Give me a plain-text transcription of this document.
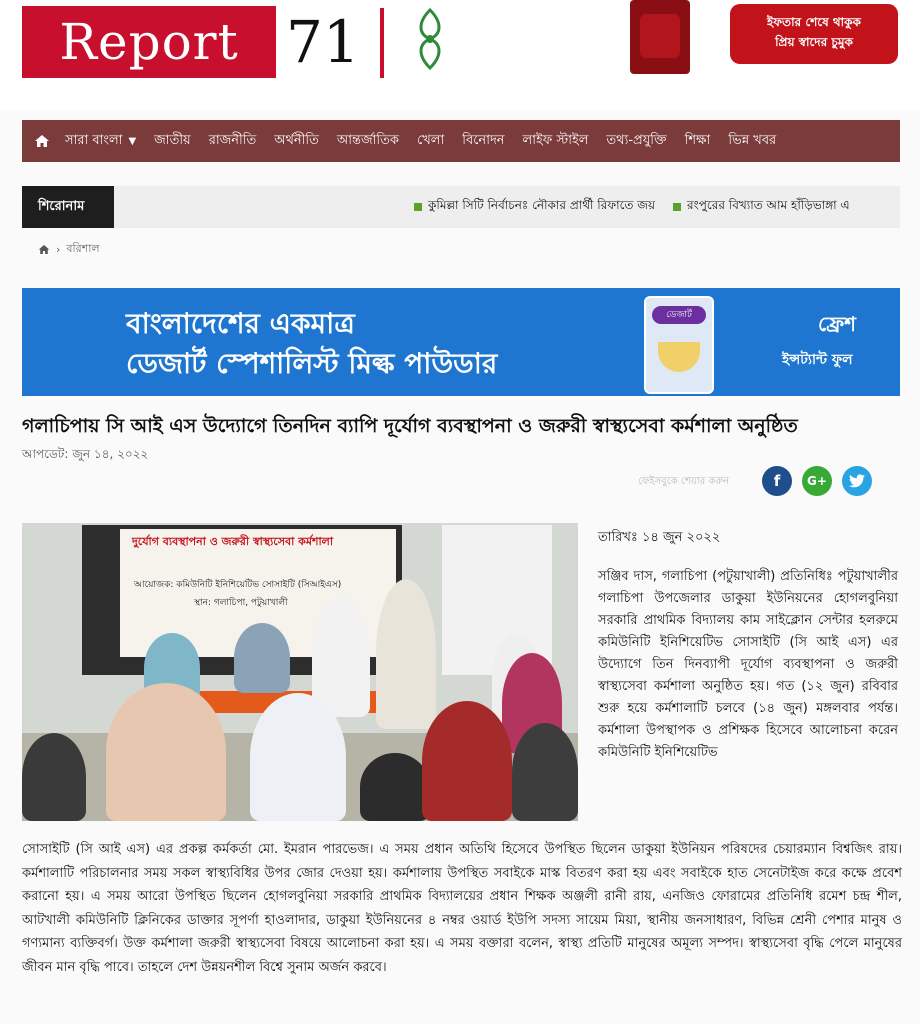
Report 71	ইফতার শেষে থাকুক
প্রিয় স্বাদের চুমুক
সারা বাংলা ▼	জাতীয়	রাজনীতি	অর্থনীতি	আন্তর্জাতিক	খেলা	বিনোদন	লাইফ স্টাইল	তথ্য-প্রযুক্তি	শিক্ষা	ভিন্ন খবর
শিরোনাম	কুমিল্লা সিটি নির্বাচনঃ নৌকার প্রার্থী রিফাতে জয়	রংপুরের বিখ্যাত আম হাঁড়িভাঙ্গা এ
› বরিশাল
বাংলাদেশের একমাত্র
ডেজার্ট স্পেশালিস্ট মিল্ক পাউডার
ডেজার্ট	ফ্রেশ
ইন্সট্যান্ট ফুল
গলাচিপায় সি আই এস উদ্যোগে তিনদিন ব্যাপি দূর্যোগ ব্যবস্থাপনা ও জরুরী স্বাস্থ্যসেবা কর্মশালা অনুষ্ঠিত
আপডেট: জুন ১৪, ২০২২
ফেইসবুকে শেয়ার করুন	f	G+
দুর্যোগ ব্যবস্থাপনা ও জরুরী স্বাস্থ্যসেবা কর্মশালা
আয়োজক: কমিউনিটি ইনিশিয়েটিভ সোসাইটি (সিআইএস)
স্থান: গলাচিপা, পটুয়াখালী
তারিখঃ ১৪ জুন ২০২২
সঞ্জিব দাস, গলাচিপা (পটুয়াখালী) প্রতিনিধিঃ পটুয়াখালীর গলাচিপা উপজেলার ডাকুয়া ইউনিয়নের হোগলবুনিয়া সরকারি প্রাথমিক বিদ্যালয় কাম সাইক্লোন সেন্টার হলরুমে কমিউনিটি ইনিশিয়েটিভ সোসাইটি (সি আই এস) এর উদ্যোগে তিন দিনব্যাপী দূর্যোগ ব্যবস্থাপনা ও জরুরী স্বাস্থ্যসেবা কর্মশালা অনুষ্ঠিত হয়। গত (১২ জুন) রবিবার শুরু হয়ে কর্মশালাটি চলবে (১৪ জুন) মঙ্গলবার পর্যন্ত। কর্মশালা উপস্থাপক ও প্রশিক্ষক হিসেবে আলোচনা করেন কমিউনিটি ইনিশিয়েটিভ
সোসাইটি (সি আই এস) এর প্রকল্প কর্মকর্তা মো. ইমরান পারভেজ। এ সময় প্রধান অতিথি হিসেবে উপস্থিত ছিলেন ডাকুয়া ইউনিয়ন পরিষদের চেয়ারম্যান বিশ্বজিৎ রায়। কর্মশালাটি পরিচালনার সময় সকল স্বাস্থ্যবিধির উপর জোর দেওয়া হয়। কর্মশালায় উপস্থিত সবাইকে মাস্ক বিতরণ করা হয় এবং সবাইকে হাত সেনেটাইজ করে কক্ষে প্রবেশ করানো হয়। এ সময় আরো উপস্থিত ছিলেন হোগলবুনিয়া সরকারি প্রাথমিক বিদ্যালয়ের প্রধান শিক্ষক অঞ্জলী রানী রায়, এনজিও ফোরামের প্রতিনিধি রমেশ চন্দ্র শীল, আটখালী কমিউনিটি ক্লিনিকের ডাক্তার সূপর্ণা হাওলাদার, ডাকুয়া ইউনিয়নের ৪ নম্বর ওয়ার্ড ইউপি সদস্য সায়েম মিয়া, স্থানীয় জনসাধারণ, বিভিন্ন শ্রেনী পেশার মানুষ ও গণ্যমান্য ব্যক্তিবর্গ। উক্ত কর্মশালা জরুরী স্বাস্থ্যসেবা বিষয়ে আলোচনা করা হয়। এ সময় বক্তারা বলেন, স্বাস্থ্য প্রতিটি মানুষের অমূল্য সম্পদ। স্বাস্থ্যসেবা বৃদ্ধি পেলে মানুষের জীবন মান বৃদ্ধি পাবে। তাহলে দেশ উন্নয়নশীল বিশ্বে সুনাম অর্জন করবে।
